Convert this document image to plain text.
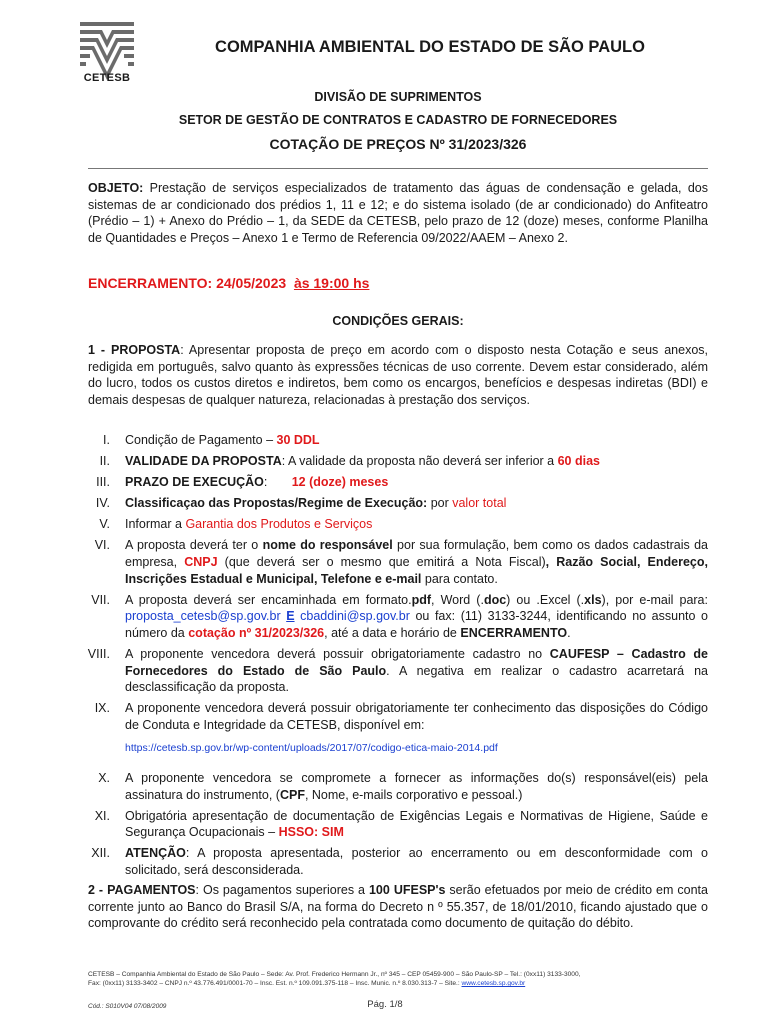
CETESB
COMPANHIA AMBIENTAL DO ESTADO DE SÃO PAULO
DIVISÃO DE SUPRIMENTOS
SETOR DE GESTÃO DE CONTRATOS E CADASTRO DE FORNECEDORES
COTAÇÃO DE PREÇOS Nº 31/2023/326
OBJETO: Prestação de serviços especializados de tratamento das águas de condensação e gelada, dos sistemas de ar condicionado dos prédios 1, 11 e 12; e do sistema isolado (de ar condicionado) do Anfiteatro (Prédio – 1) + Anexo do Prédio – 1, da SEDE da CETESB, pelo prazo de 12 (doze) meses, conforme Planilha de Quantidades e Preços – Anexo 1 e Termo de Referencia 09/2022/AAEM – Anexo 2.
ENCERRAMENTO: 24/05/2023 às 19:00 hs
CONDIÇÕES GERAIS:
1 - PROPOSTA: Apresentar proposta de preço em acordo com o disposto nesta Cotação e seus anexos, redigida em português, salvo quanto às expressões técnicas de uso corrente. Devem estar considerado, além do lucro, todos os custos diretos e indiretos, bem como os encargos, benefícios e despesas indiretas (BDI) e demais despesas de qualquer natureza, relacionadas à prestação dos serviços.
I. Condição de Pagamento – 30 DDL
II. VALIDADE DA PROPOSTA: A validade da proposta não deverá ser inferior a 60 dias
III. PRAZO DE EXECUÇÃO: 12 (doze) meses
IV. Classificaçao das Propostas/Regime de Execução: por valor total
V. Informar a Garantia dos Produtos e Serviços
VI. A proposta deverá ter o nome do responsável por sua formulação, bem como os dados cadastrais da empresa, CNPJ (que deverá ser o mesmo que emitirá a Nota Fiscal), Razão Social, Endereço, Inscrições Estadual e Municipal, Telefone e e-mail para contato.
VII. A proposta deverá ser encaminhada em formato.pdf, Word (.doc) ou .Excel (.xls), por e-mail para: proposta_cetesb@sp.gov.br E cbaddini@sp.gov.br ou fax: (11) 3133-3244, identificando no assunto o número da cotação nº 31/2023/326, até a data e horário de ENCERRAMENTO.
VIII. A proponente vencedora deverá possuir obrigatoriamente cadastro no CAUFESP – Cadastro de Fornecedores do Estado de São Paulo. A negativa em realizar o cadastro acarretará na desclassificação da proposta.
IX. A proponente vencedora deverá possuir obrigatoriamente ter conhecimento das disposições do Código de Conduta e Integridade da CETESB, disponível em:
https://cetesb.sp.gov.br/wp-content/uploads/2017/07/codigo-etica-maio-2014.pdf
X. A proponente vencedora se compromete a fornecer as informações do(s) responsável(eis) pela assinatura do instrumento, (CPF, Nome, e-mails corporativo e pessoal.)
XI. Obrigatória apresentação de documentação de Exigências Legais e Normativas de Higiene, Saúde e Segurança Ocupacionais – HSSO: SIM
XII. ATENÇÃO: A proposta apresentada, posterior ao encerramento ou em desconformidade com o solicitado, será desconsiderada.
2 - PAGAMENTOS: Os pagamentos superiores a 100 UFESP's serão efetuados por meio de crédito em conta corrente junto ao Banco do Brasil S/A, na forma do Decreto n º 55.357, de 18/01/2010, ficando ajustado que o comprovante do crédito será reconhecido pela contratada como documento de quitação do débito.
CETESB – Companhia Ambiental do Estado de São Paulo – Sede: Av. Prof. Frederico Hermann Jr., nº 345 – CEP 05459-900 – São Paulo-SP – Tel.: (0xx11) 3133-3000,
Fax: (0xx11) 3133-3402 – CNPJ n.º 43.776.491/0001-70 – Insc. Est. n.º 109.091.375-118 – Insc. Munic. n.º 8.030.313-7 – Site.: www.cetesb.sp.gov.br
Cód.: S010V04 07/08/2009	Pág. 1/8
